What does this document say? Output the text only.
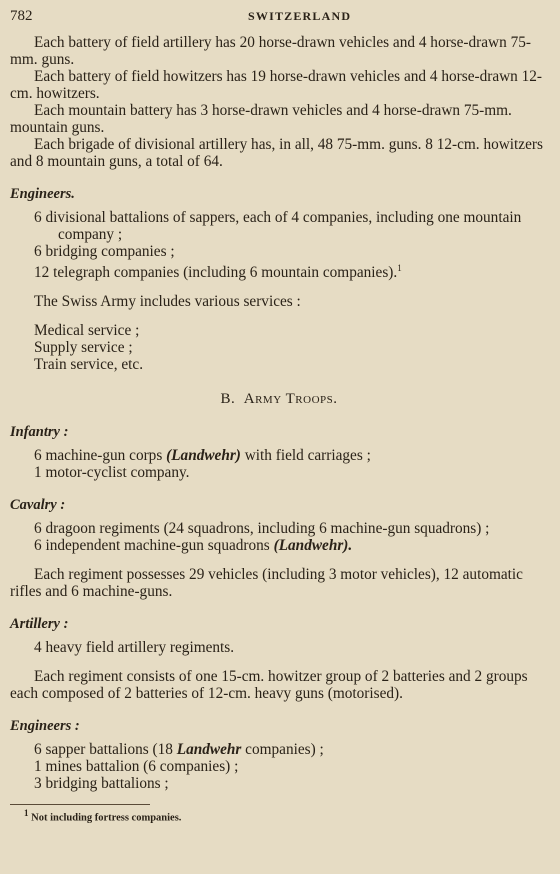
782	SWITZERLAND

Each battery of field artillery has 20 horse-drawn vehicles and 4 horse-drawn 75-mm. guns.

Each battery of field howitzers has 19 horse-drawn vehicles and 4 horse-drawn 12-cm. howitzers.

Each mountain battery has 3 horse-drawn vehicles and 4 horse-drawn 75-mm. mountain guns.

Each brigade of divisional artillery has, in all, 48 75-mm. guns. 8 12-cm. howitzers and 8 mountain guns, a total of 64.

Engineers.
6 divisional battalions of sappers, each of 4 companies, including one mountain company ;
6 bridging companies ;
12 telegraph companies (including 6 mountain companies).$^1$

The Swiss Army includes various services :

Medical service ;
Supply service ;
Train service, etc.
B. Army Troops.
Infantry :
6 machine-gun corps (Landwehr) with field carriages ;
1 motor-cyclist company.
Cavalry :
6 dragoon regiments (24 squadrons, including 6 machine-gun squadrons) ;
6 independent machine-gun squadrons (Landwehr).

Each regiment possesses 29 vehicles (including 3 motor vehicles), 12 automatic rifles and 6 machine-guns.

Artillery :
4 heavy field artillery regiments.

Each regiment consists of one 15-cm. howitzer group of 2 batteries and 2 groups each composed of 2 batteries of 12-cm. heavy guns (motorised).

Engineers :
6 sapper battalions (18 Landwehr companies) ;
1 mines battalion (6 companies) ;
3 bridging battalions ;
$^1$ Not including fortress companies.
